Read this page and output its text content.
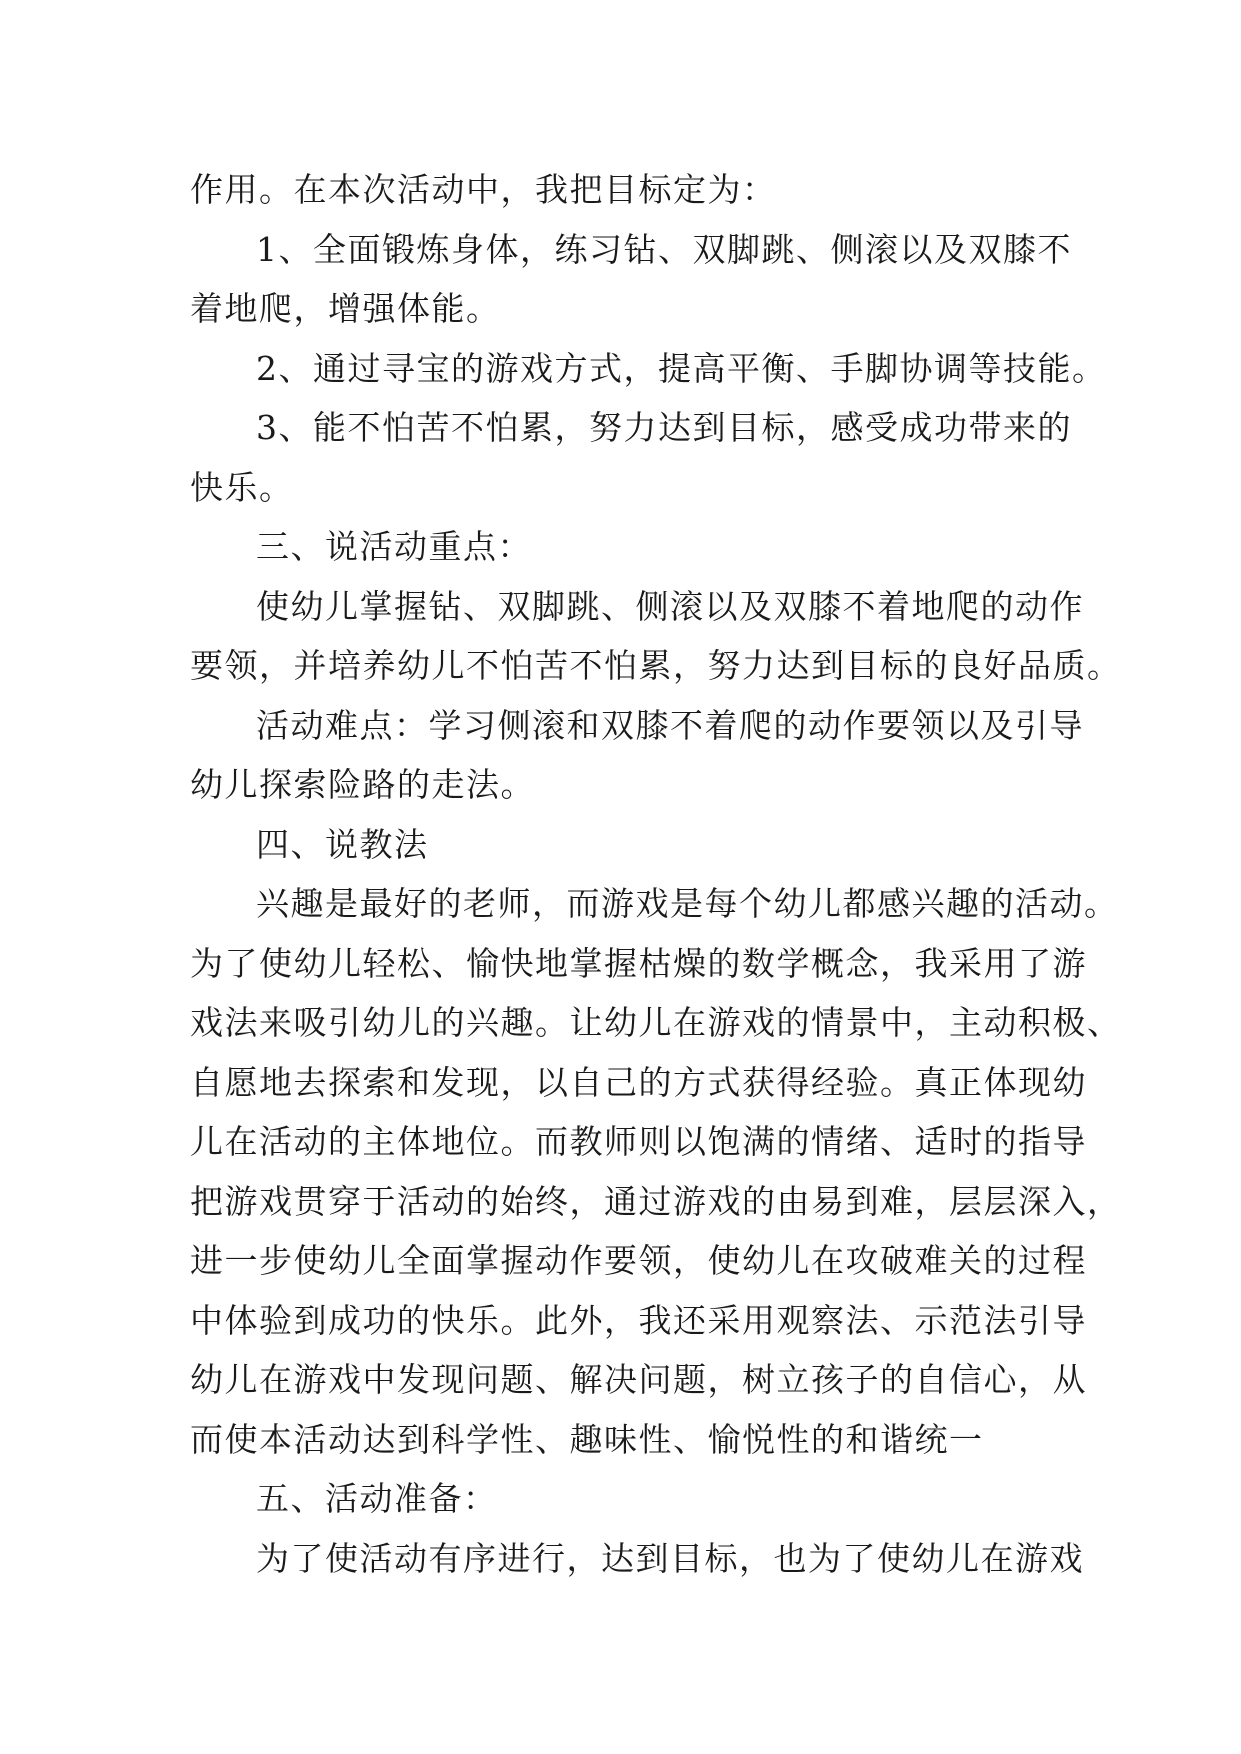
作用。在本次活动中，我把目标定为：
1、全面锻炼身体，练习钻、双脚跳、侧滚以及双膝不
着地爬，增强体能。
2、通过寻宝的游戏方式，提高平衡、手脚协调等技能。
3、能不怕苦不怕累，努力达到目标，感受成功带来的
快乐。
三、说活动重点：
使幼儿掌握钻、双脚跳、侧滚以及双膝不着地爬的动作
要领，并培养幼儿不怕苦不怕累，努力达到目标的良好品质。
活动难点：学习侧滚和双膝不着爬的动作要领以及引导
幼儿探索险路的走法。
四、说教法
兴趣是最好的老师，而游戏是每个幼儿都感兴趣的活动。
为了使幼儿轻松、愉快地掌握枯燥的数学概念，我采用了游
戏法来吸引幼儿的兴趣。让幼儿在游戏的情景中，主动积极、
自愿地去探索和发现，以自己的方式获得经验。真正体现幼
儿在活动的主体地位。而教师则以饱满的情绪、适时的指导
把游戏贯穿于活动的始终，通过游戏的由易到难，层层深入，
进一步使幼儿全面掌握动作要领，使幼儿在攻破难关的过程
中体验到成功的快乐。此外，我还采用观察法、示范法引导
幼儿在游戏中发现问题、解决问题，树立孩子的自信心，从
而使本活动达到科学性、趣味性、愉悦性的和谐统一
五、活动准备：
为了使活动有序进行，达到目标，也为了使幼儿在游戏
